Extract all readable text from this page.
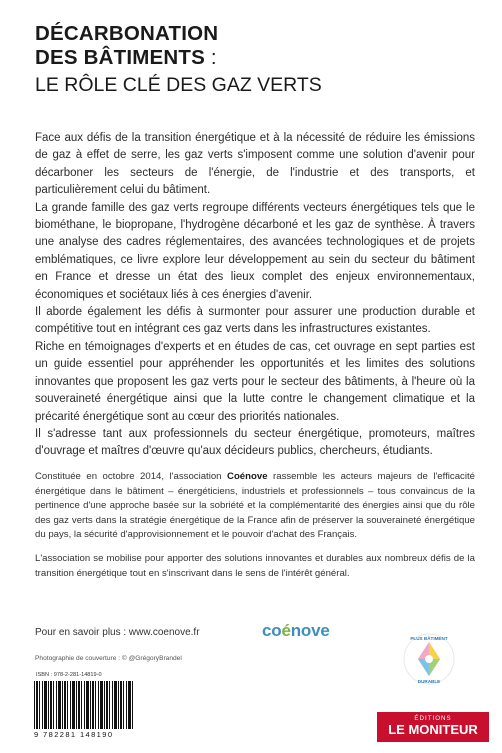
DÉCARBONATION
DES BÂTIMENTS :
LE RÔLE CLÉ DES GAZ VERTS

Face aux défis de la transition énergétique et à la nécessité de réduire les émissions de gaz à effet de serre, les gaz verts s'imposent comme une solution d'avenir pour décarboner les secteurs de l'énergie, de l'industrie et des transports, et particulièrement celui du bâtiment.

La grande famille des gaz verts regroupe différents vecteurs énergétiques tels que le biométhane, le biopropane, l'hydrogène décarboné et les gaz de synthèse. À travers une analyse des cadres réglementaires, des avancées technologiques et de projets emblématiques, ce livre explore leur développement au sein du secteur du bâtiment en France et dresse un état des lieux complet des enjeux environnementaux, économiques et sociétaux liés à ces énergies d'avenir.

Il aborde également les défis à surmonter pour assurer une production durable et compétitive tout en intégrant ces gaz verts dans les infrastructures existantes.

Riche en témoignages d'experts et en études de cas, cet ouvrage en sept parties est un guide essentiel pour appréhender les opportunités et les limites des solutions innovantes que proposent les gaz verts pour le secteur des bâtiments, à l'heure où la souveraineté énergétique ainsi que la lutte contre le changement climatique et la précarité énergétique sont au cœur des priorités nationales.

Il s'adresse tant aux professionnels du secteur énergétique, promoteurs, maîtres d'ouvrage et maîtres d'œuvre qu'aux décideurs publics, chercheurs, étudiants.

Constituée en octobre 2014, l'association Coénove rassemble les acteurs majeurs de l'efficacité énergétique dans le bâtiment – énergéticiens, industriels et professionnels – tous convaincus de la pertinence d'une approche basée sur la sobriété et la complémentarité des énergies ainsi que du rôle des gaz verts dans la stratégie énergétique de la France afin de préserver la souveraineté énergétique du pays, la sécurité d'approvisionnement et le pouvoir d'achat des Français.

L'association se mobilise pour apporter des solutions innovantes et durables aux nombreux défis de la transition énergétique tout en s'inscrivant dans le sens de l'intérêt général.

Pour en savoir plus : www.coenove.fr	coénove
Photographie de couverture : © @GrégoryBrandel
ISBN : 978-2-281-14819-0
9 782281 148190
PLUS BÂTIMENT
DURABLE
ÉDITIONS
LE MONITEUR
